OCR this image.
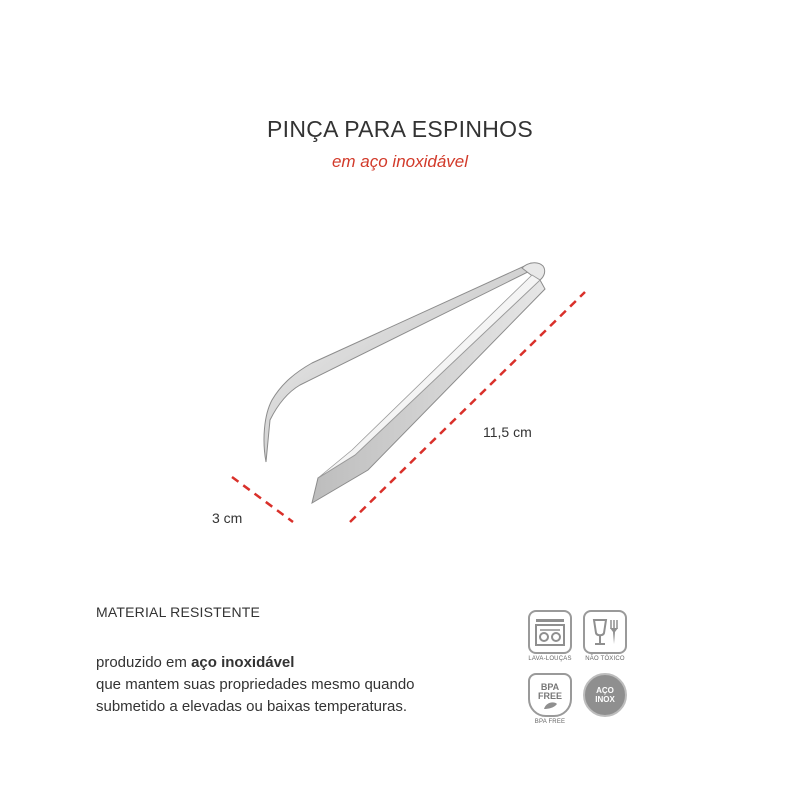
PINÇA PARA ESPINHOS
em aço inoxidável
11,5 cm
3 cm
MATERIAL RESISTENTE
produzido em aço inoxidável
que mantem suas propriedades mesmo quando
submetido a elevadas ou baixas temperaturas.
LAVA-LOUÇAS	NÃO TÓXICO
BPA
FREE
BPA FREE
AÇO
INOX
